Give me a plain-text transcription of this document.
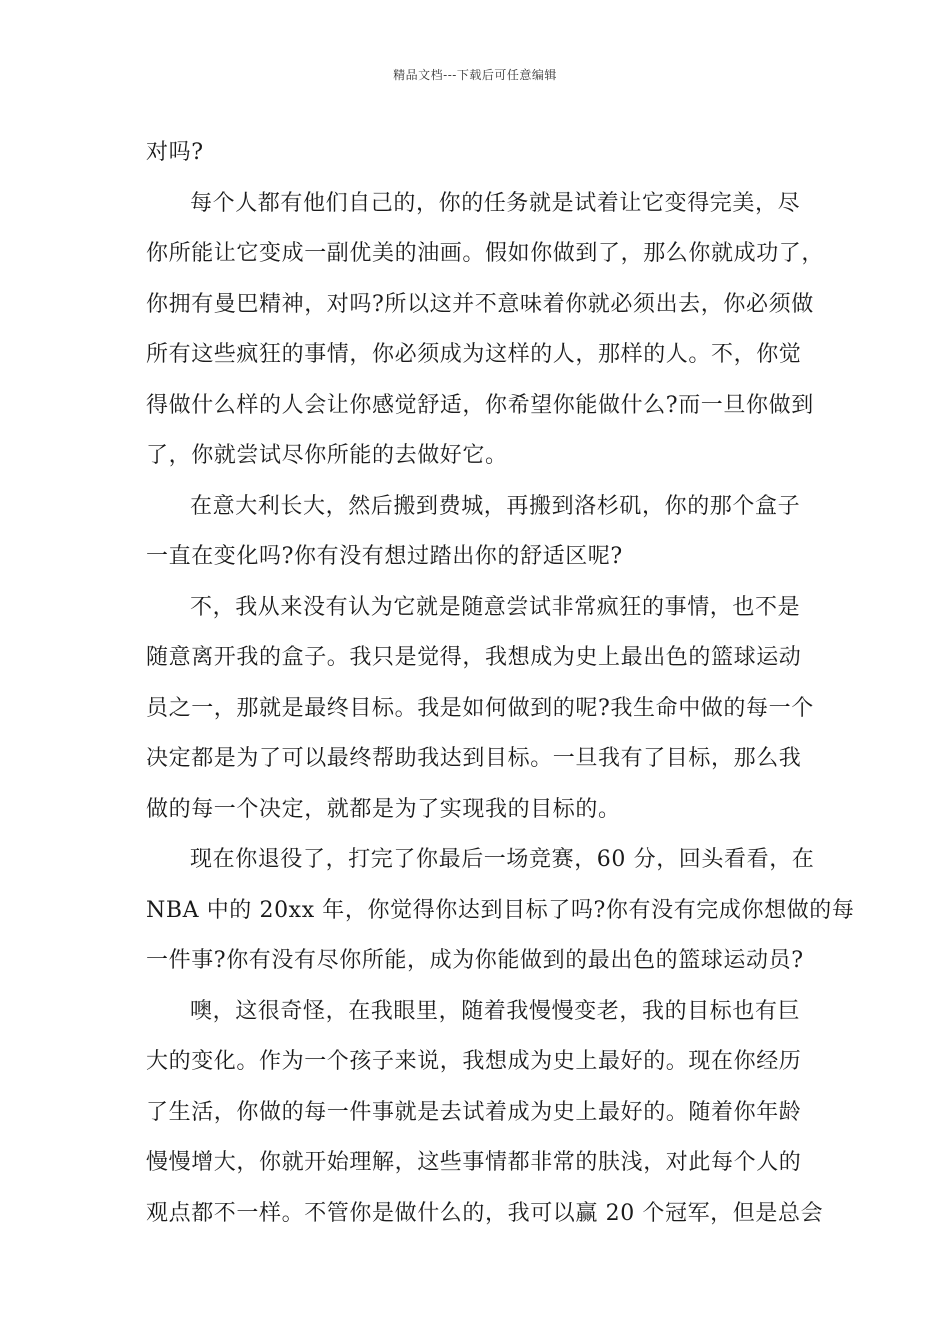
精品文档---下载后可任意编辑
对吗?
每个人都有他们自己的，你的任务就是试着让它变得完美，尽
你所能让它变成一副优美的油画。假如你做到了，那么你就成功了，
你拥有曼巴精神，对吗?所以这并不意味着你就必须出去，你必须做
所有这些疯狂的事情，你必须成为这样的人，那样的人。不，你觉
得做什么样的人会让你感觉舒适，你希望你能做什么?而一旦你做到
了，你就尝试尽你所能的去做好它。
在意大利长大，然后搬到费城，再搬到洛杉矶，你的那个盒子
一直在变化吗?你有没有想过踏出你的舒适区呢?
不，我从来没有认为它就是随意尝试非常疯狂的事情，也不是
随意离开我的盒子。我只是觉得，我想成为史上最出色的篮球运动
员之一，那就是最终目标。我是如何做到的呢?我生命中做的每一个
决定都是为了可以最终帮助我达到目标。一旦我有了目标，那么我
做的每一个决定，就都是为了实现我的目标的。
现在你退役了，打完了你最后一场竞赛，60 分，回头看看，在
NBA 中的 20xx 年，你觉得你达到目标了吗?你有没有完成你想做的每
一件事?你有没有尽你所能，成为你能做到的最出色的篮球运动员?
噢，这很奇怪，在我眼里，随着我慢慢变老，我的目标也有巨
大的变化。作为一个孩子来说，我想成为史上最好的。现在你经历
了生活，你做的每一件事就是去试着成为史上最好的。随着你年龄
慢慢增大，你就开始理解，这些事情都非常的肤浅，对此每个人的
观点都不一样。不管你是做什么的，我可以赢 20 个冠军，但是总会
